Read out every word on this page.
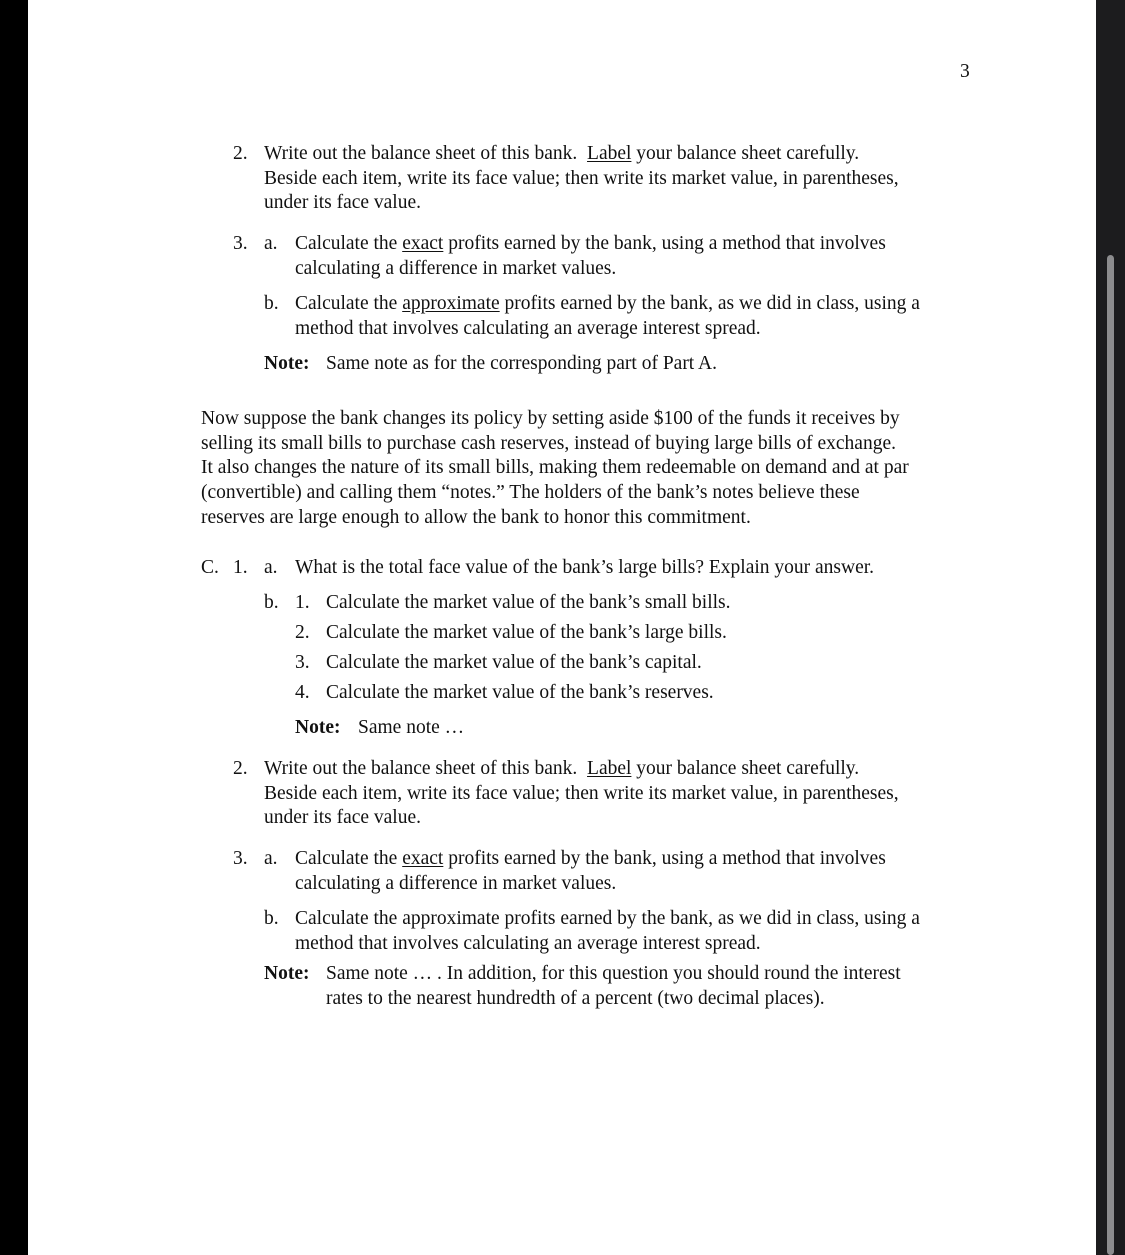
3
2. Write out the balance sheet of this bank. Label your balance sheet carefully.
Beside each item, write its face value; then write its market value, in parentheses,
under its face value.
3. a. Calculate the exact profits earned by the bank, using a method that involves
calculating a difference in market values.
b. Calculate the approximate profits earned by the bank, as we did in class, using a
method that involves calculating an average interest spread.
Note: Same note as for the corresponding part of Part A.
Now suppose the bank changes its policy by setting aside $100 of the funds it receives by
selling its small bills to purchase cash reserves, instead of buying large bills of exchange.
It also changes the nature of its small bills, making them redeemable on demand and at par
(convertible) and calling them “notes.” The holders of the bank’s notes believe these
reserves are large enough to allow the bank to honor this commitment.
C. 1. a. What is the total face value of the bank’s large bills? Explain your answer.
b. 1. Calculate the market value of the bank’s small bills.
2. Calculate the market value of the bank’s large bills.
3. Calculate the market value of the bank’s capital.
4. Calculate the market value of the bank’s reserves.
Note: Same note …
2. Write out the balance sheet of this bank. Label your balance sheet carefully.
Beside each item, write its face value; then write its market value, in parentheses,
under its face value.
3. a. Calculate the exact profits earned by the bank, using a method that involves
calculating a difference in market values.
b. Calculate the approximate profits earned by the bank, as we did in class, using a
method that involves calculating an average interest spread.
Note: Same note … . In addition, for this question you should round the interest
rates to the nearest hundredth of a percent (two decimal places).
